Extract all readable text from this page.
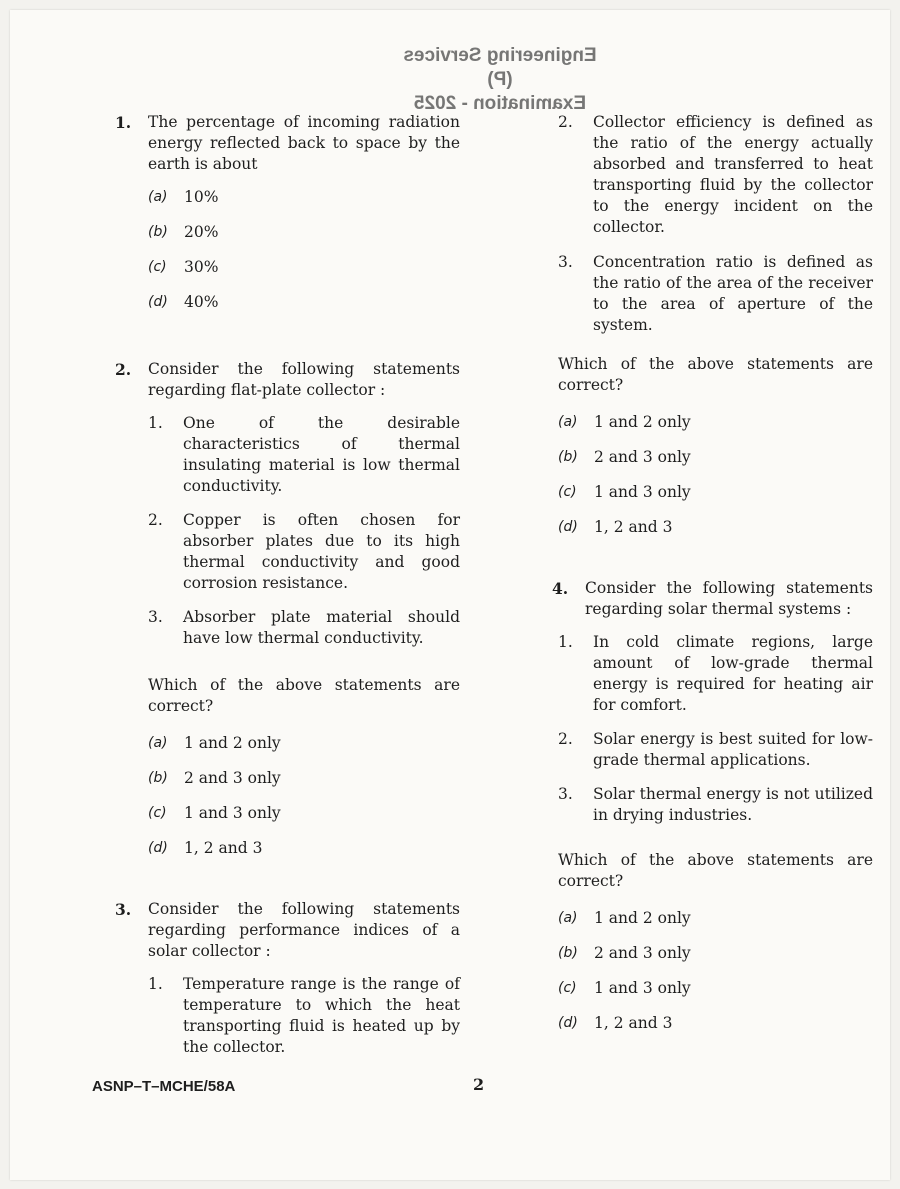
Engineering Services (P)
Examination - 2025
1. The percentage of incoming radiation energy reflected back to space by the earth is about
(a)	10%
(b)	20%
(c)	30%
(d)	40%
2. Consider the following statements regarding flat-plate collector :
1. One of the desirable characteristics of thermal insulating material is low thermal conductivity.
2. Copper is often chosen for absorber plates due to its high thermal conductivity and good corrosion resistance.
3. Absorber plate material should have low thermal conductivity.
Which of the above statements are correct?
(a)	1 and 2 only
(b)	2 and 3 only
(c)	1 and 3 only
(d)	1, 2 and 3
3. Consider the following statements regarding performance indices of a solar collector :
1. Temperature range is the range of temperature to which the heat transporting fluid is heated up by the collector.
2. Collector efficiency is defined as the ratio of the energy actually absorbed and transferred to heat transporting fluid by the collector to the energy incident on the collector.
3. Concentration ratio is defined as the ratio of the area of the receiver to the area of aperture of the system.
Which of the above statements are correct?
(a)	1 and 2 only
(b)	2 and 3 only
(c)	1 and 3 only
(d)	1, 2 and 3
4. Consider the following statements regarding solar thermal systems :
1. In cold climate regions, large amount of low-grade thermal energy is required for heating air for comfort.
2. Solar energy is best suited for low-grade thermal applications.
3. Solar thermal energy is not utilized in drying industries.
Which of the above statements are correct?
(a)	1 and 2 only
(b)	2 and 3 only
(c)	1 and 3 only
(d)	1, 2 and 3
ASNP–T–MCHE/58A	2
